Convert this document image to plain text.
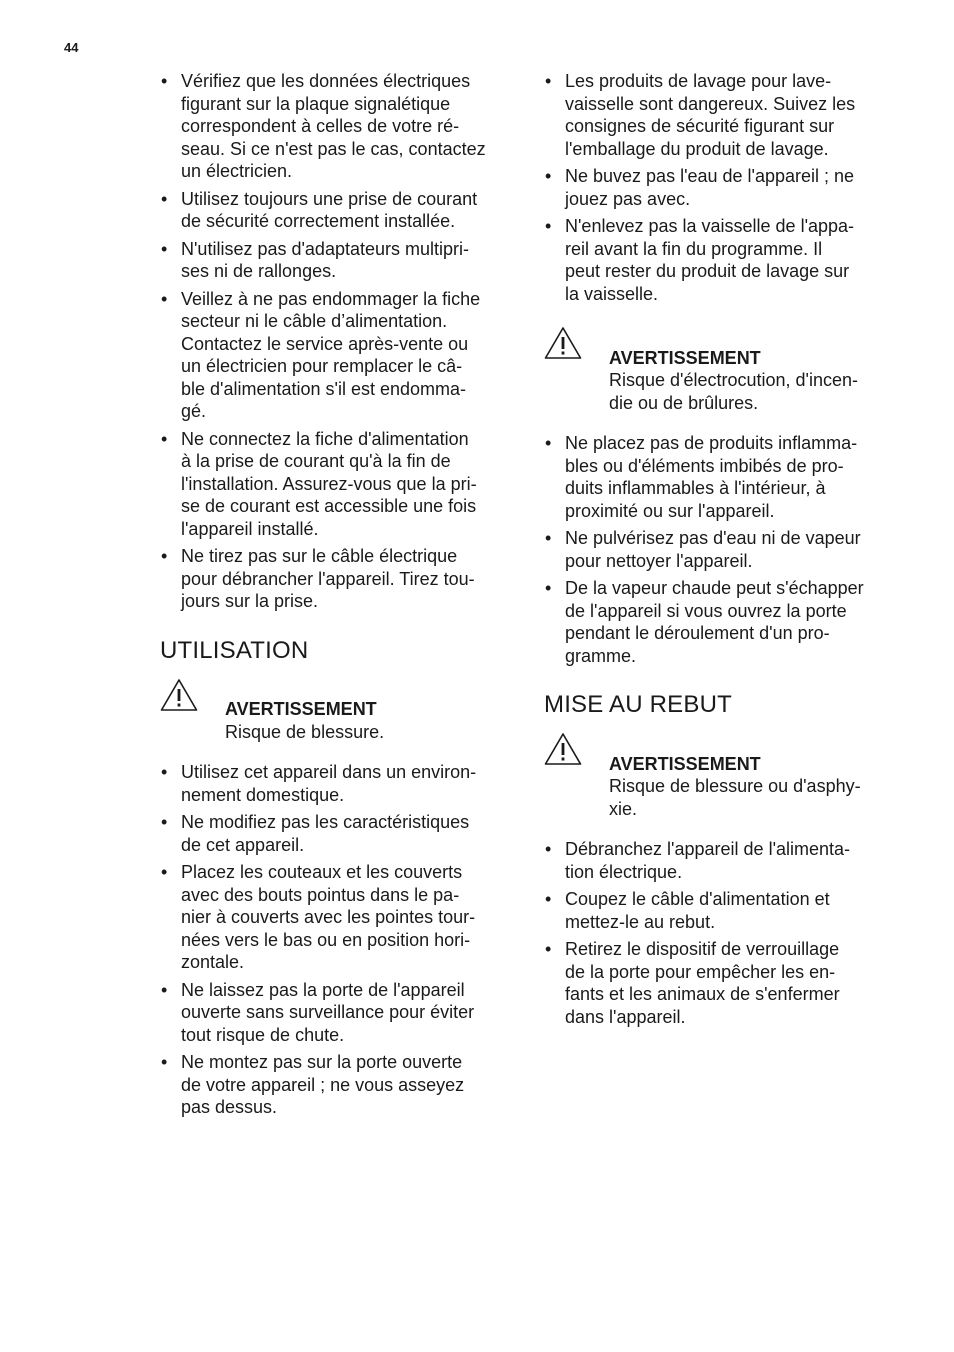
44
• Vérifiez que les données électriques
figurant sur la plaque signalétique
correspondent à celles de votre ré-
seau. Si ce n'est pas le cas, contactez
un électricien.
• Utilisez toujours une prise de courant
de sécurité correctement installée.
• N'utilisez pas d'adaptateurs multipri-
ses ni de rallonges.
• Veillez à ne pas endommager la fiche
secteur ni le câble d’alimentation.
Contactez le service après-vente ou
un électricien pour remplacer le câ-
ble d'alimentation s'il est endomma-
gé.
• Ne connectez la fiche d'alimentation
à la prise de courant qu'à la fin de
l'installation. Assurez-vous que la pri-
se de courant est accessible une fois
l'appareil installé.
• Ne tirez pas sur le câble électrique
pour débrancher l'appareil. Tirez tou-
jours sur la prise.
UTILISATION

AVERTISSEMENT
Risque de blessure.

• Utilisez cet appareil dans un environ-
nement domestique.
• Ne modifiez pas les caractéristiques
de cet appareil.
• Placez les couteaux et les couverts
avec des bouts pointus dans le pa-
nier à couverts avec les pointes tour-
nées vers le bas ou en position hori-
zontale.
• Ne laissez pas la porte de l'appareil
ouverte sans surveillance pour éviter
tout risque de chute.
• Ne montez pas sur la porte ouverte
de votre appareil ; ne vous asseyez
pas dessus.
• Les produits de lavage pour lave-
vaisselle sont dangereux. Suivez les
consignes de sécurité figurant sur
l'emballage du produit de lavage.
• Ne buvez pas l'eau de l'appareil ; ne
jouez pas avec.
• N'enlevez pas la vaisselle de l'appa-
reil avant la fin du programme. Il
peut rester du produit de lavage sur
la vaisselle.

AVERTISSEMENT
Risque d'électrocution, d'incen-
die ou de brûlures.

• Ne placez pas de produits inflamma-
bles ou d'éléments imbibés de pro-
duits inflammables à l'intérieur, à
proximité ou sur l'appareil.
• Ne pulvérisez pas d'eau ni de vapeur
pour nettoyer l'appareil.
• De la vapeur chaude peut s'échapper
de l'appareil si vous ouvrez la porte
pendant le déroulement d'un pro-
gramme.
MISE AU REBUT

AVERTISSEMENT
Risque de blessure ou d'asphy-
xie.

• Débranchez l'appareil de l'alimenta-
tion électrique.
• Coupez le câble d'alimentation et
mettez-le au rebut.
• Retirez le dispositif de verrouillage
de la porte pour empêcher les en-
fants et les animaux de s'enfermer
dans l'appareil.
